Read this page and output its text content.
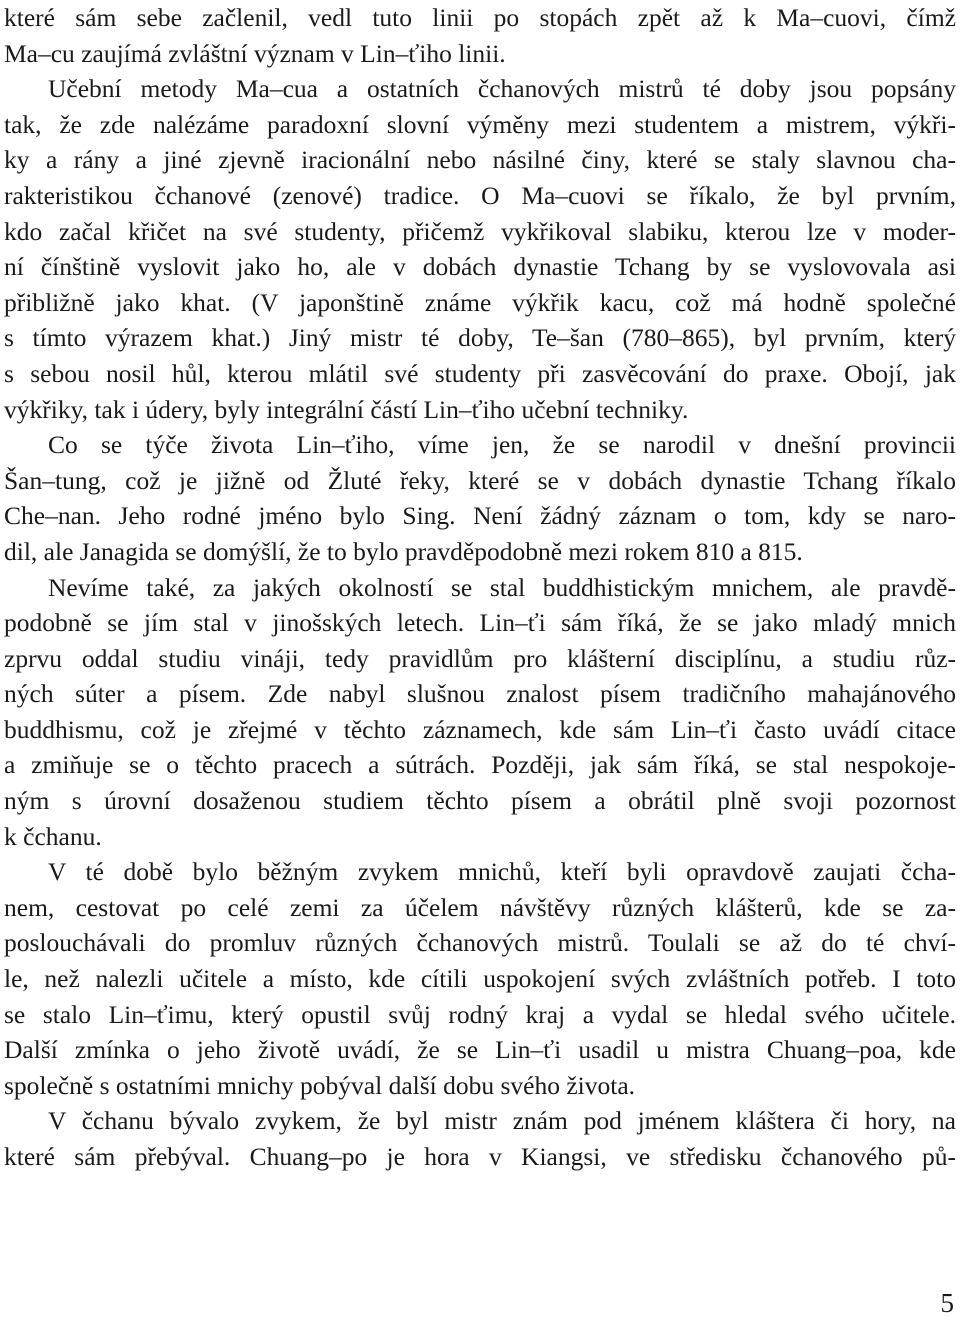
které sám sebe začlenil, vedl tuto linii po stopách zpět až k Ma–cuovi, čímž
Ma–cu zaujímá zvláštní význam v Lin–ťiho linii.
Učební metody Ma–cua a ostatních čchanových mistrů té doby jsou popsány
tak, že zde nalézáme paradoxní slovní výměny mezi studentem a mistrem, výkři-
ky a rány a jiné zjevně iracionální nebo násilné činy, které se staly slavnou cha-
rakteristikou čchanové (zenové) tradice. O Ma–cuovi se říkalo, že byl prvním,
kdo začal křičet na své studenty, přičemž vykřikoval slabiku, kterou lze v moder-
ní čínštině vyslovit jako ho, ale v dobách dynastie Tchang by se vyslovovala asi
přibližně jako khat. (V japonštině známe výkřik kacu, což má hodně společné
s tímto výrazem khat.) Jiný mistr té doby, Te–šan (780–865), byl prvním, který
s sebou nosil hůl, kterou mlátil své studenty při zasvěcování do praxe. Obojí, jak
výkřiky, tak i údery, byly integrální částí Lin–ťiho učební techniky.
Co se týče života Lin–ťiho, víme jen, že se narodil v dnešní provincii
Šan–tung, což je jižně od Žluté řeky, které se v dobách dynastie Tchang říkalo
Che–nan. Jeho rodné jméno bylo Sing. Není žádný záznam o tom, kdy se naro-
dil, ale Janagida se domýšlí, že to bylo pravděpodobně mezi rokem 810 a 815.
Nevíme také, za jakých okolností se stal buddhistickým mnichem, ale pravdě-
podobně se jím stal v jinošských letech. Lin–ťi sám říká, že se jako mladý mnich
zprvu oddal studiu vináji, tedy pravidlům pro klášterní disciplínu, a studiu růz-
ných súter a písem. Zde nabyl slušnou znalost písem tradičního mahajánového
buddhismu, což je zřejmé v těchto záznamech, kde sám Lin–ťi často uvádí citace
a zmiňuje se o těchto pracech a sútrách. Později, jak sám říká, se stal nespokoje-
ným s úrovní dosaženou studiem těchto písem a obrátil plně svoji pozornost
k čchanu.
V té době bylo běžným zvykem mnichů, kteří byli opravdově zaujati čcha-
nem, cestovat po celé zemi za účelem návštěvy různých klášterů, kde se za-
poslouchávali do promluv různých čchanových mistrů. Toulali se až do té chví-
le, než nalezli učitele a místo, kde cítili uspokojení svých zvláštních potřeb. I toto
se stalo Lin–ťimu, který opustil svůj rodný kraj a vydal se hledal svého učitele.
Další zmínka o jeho životě uvádí, že se Lin–ťi usadil u mistra Chuang–poa, kde
společně s ostatními mnichy pobýval další dobu svého života.
V čchanu bývalo zvykem, že byl mistr znám pod jménem kláštera či hory, na
které sám přebýval. Chuang–po je hora v Kiangsi, ve středisku čchanového pů-
5
